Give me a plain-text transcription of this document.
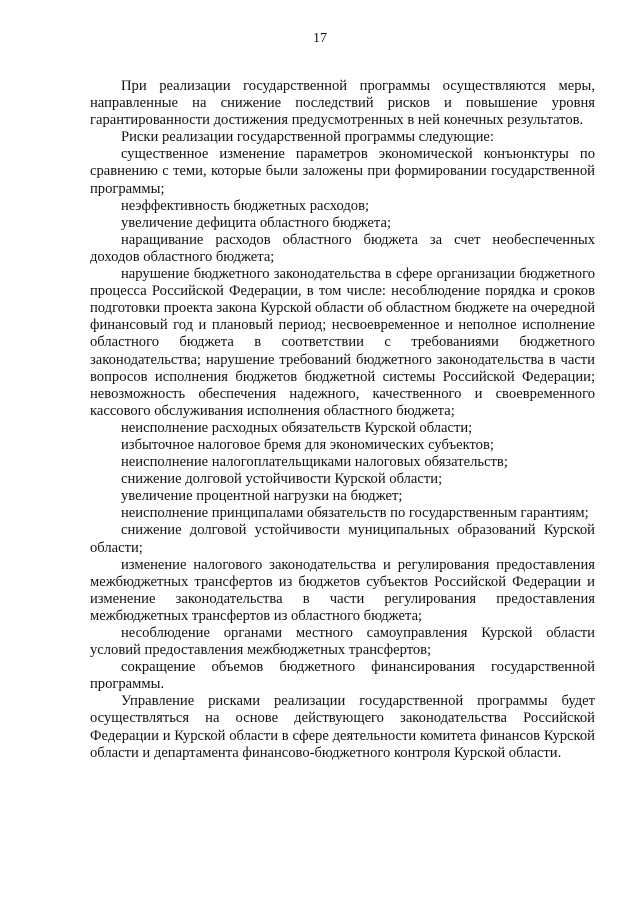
17

При реализации государственной программы осуществляются меры, направленные на снижение последствий рисков и повышение уровня гарантированности достижения предусмотренных в ней конечных результатов.

Риски реализации государственной программы следующие:

существенное изменение параметров экономической конъюнктуры по сравнению с теми, которые были заложены при формировании государственной программы;

неэффективность бюджетных расходов;

увеличение дефицита областного бюджета;

наращивание расходов областного бюджета за счет необеспеченных доходов областного бюджета;

нарушение бюджетного законодательства в сфере организации бюджетного процесса Российской Федерации, в том числе: несоблюдение порядка и сроков подготовки проекта закона Курской области об областном бюджете на очередной финансовый год и плановый период; несвоевременное и неполное исполнение областного бюджета в соответствии с требованиями бюджетного законодательства; нарушение требований бюджетного законодательства в части вопросов исполнения бюджетов бюджетной системы Российской Федерации; невозможность обеспечения надежного, качественного и своевременного кассового обслуживания исполнения областного бюджета;

неисполнение расходных обязательств Курской области;

избыточное налоговое бремя для экономических субъектов;

неисполнение налогоплательщиками налоговых обязательств;

снижение долговой устойчивости Курской области;

увеличение процентной нагрузки на бюджет;

неисполнение принципалами обязательств по государственным гарантиям;

снижение долговой устойчивости муниципальных образований Курской области;

изменение налогового законодательства и регулирования предоставления межбюджетных трансфертов из бюджетов субъектов Российской Федерации и изменение законодательства в части регулирования предоставления межбюджетных трансфертов из областного бюджета;

несоблюдение органами местного самоуправления Курской области условий предоставления межбюджетных трансфертов;

сокращение объемов бюджетного финансирования государственной программы.

Управление рисками реализации государственной программы будет осуществляться на основе действующего законодательства Российской Федерации и Курской области в сфере деятельности комитета финансов Курской области и департамента финансово-бюджетного контроля Курской области.
